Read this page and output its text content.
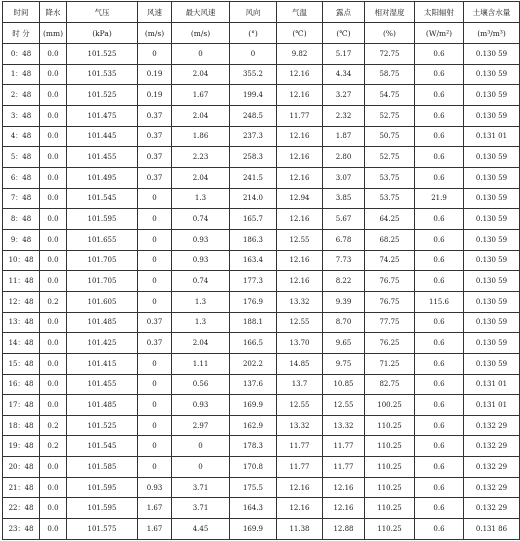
时间	降水	气压	风速	最大风速	风向	气温	露点	相对湿度	太阳辐射	土壤含水量
时 分	(mm)	(kPa)	(m/s)	(m/s)	(°)	(℃)	(℃)	(%)	(W/m²)	(m³/m³)
0：48	0.0	101.525	0	0	0	9.82	5.17	72.75	0.6	0.130 59
1：48	0.0	101.535	0.19	2.04	355.2	12.16	4.34	58.75	0.6	0.130 59
2：48	0.0	101.525	0.19	1.67	199.4	12.16	3.27	54.75	0.6	0.130 59
3：48	0.0	101.475	0.37	2.04	248.5	11.77	2.32	52.75	0.6	0.130 59
4：48	0.0	101.445	0.37	1.86	237.3	12.16	1.87	50.75	0.6	0.131 01
5：48	0.0	101.455	0.37	2.23	258.3	12.16	2.80	52.75	0.6	0.130 59
6：48	0.0	101.495	0.37	2.04	241.5	12.16	3.07	53.75	0.6	0.130 59
7：48	0.0	101.545	0	1.3	214.0	12.94	3.85	53.75	21.9	0.130 59
8：48	0.0	101.595	0	0.74	165.7	12.16	5.67	64.25	0.6	0.130 59
9：48	0.0	101.655	0	0.93	186.3	12.55	6.78	68.25	0.6	0.130 59
10：48	0.0	101.705	0	0.93	163.4	12.16	7.73	74.25	0.6	0.130 59
11：48	0.0	101.705	0	0.74	177.3	12.16	8.22	76.75	0.6	0.130 59
12：48	0.2	101.605	0	1.3	176.9	13.32	9.39	76.75	115.6	0.130 59
13：48	0.0	101.485	0.37	1.3	188.1	12.55	8.70	77.75	0.6	0.130 59
14：48	0.0	101.425	0.37	2.04	166.5	13.70	9.65	76.25	0.6	0.130 59
15：48	0.0	101.415	0	1.11	202.2	14.85	9.75	71.25	0.6	0.130 59
16：48	0.0	101.455	0	0.56	137.6	13.7	10.85	82.75	0.6	0.131 01
17：48	0.0	101.485	0	0.93	169.9	12.55	12.55	100.25	0.6	0.131 01
18：48	0.2	101.525	0	2.97	162.9	13.32	13.32	110.25	0.6	0.132 29
19：48	0.2	101.545	0	0	178.3	11.77	11.77	110.25	0.6	0.132 29
20：48	0.0	101.585	0	0	170.8	11.77	11.77	110.25	0.6	0.132 29
21：48	0.0	101.595	0.93	3.71	175.5	12.16	12.16	110.25	0.6	0.132 29
22：48	0.0	101.595	1.67	3.71	164.3	12.16	12.16	110.25	0.6	0.132 29
23：48	0.0	101.575	1.67	4.45	169.9	11.38	12.88	110.25	0.6	0.131 86
